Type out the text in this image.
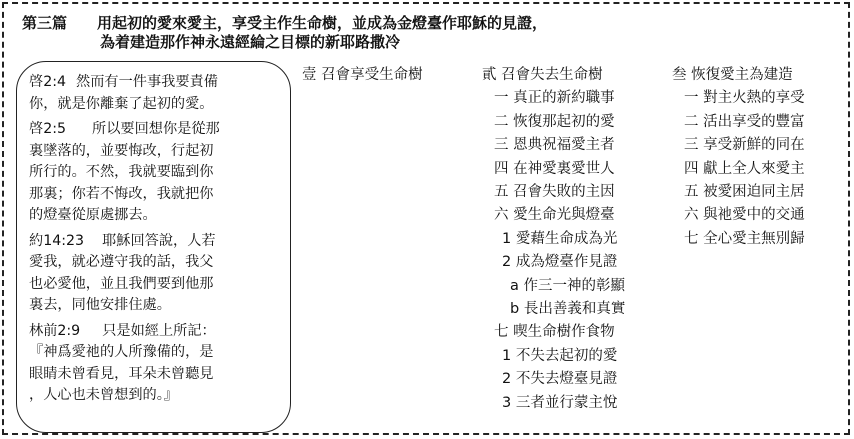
第三篇 用起初的愛來愛主，享受主作生命樹，並成為金燈臺作耶穌的見證，
為着建造那作神永遠經綸之目標的新耶路撒冷
啓2:4 然而有一件事我要責備
你，就是你離棄了起初的愛。
啓2:5 所以要回想你是從那
裏墜落的，並要悔改，行起初
所行的。不然，我就要臨到你
那裏；你若不悔改，我就把你
的燈臺從原處挪去。
約14:23 耶穌回答說，人若
愛我，就必遵守我的話，我父
也必愛他，並且我們要到他那
裏去，同他安排住處。
林前2:9 只是如經上所記：
『神爲愛祂的人所豫備的，是
眼睛未曾看見，耳朵未曾聽見
，人心也未曾想到的。』
壹 召會享受生命樹	貳 召會失去生命樹
一 真正的新約職事
二 恢復那起初的愛
三 恩典祝福愛主者
四 在神愛裏愛世人
五 召會失敗的主因
六 愛生命光與燈臺
1 愛藉生命成為光
2 成為燈臺作見證
a 作三一神的彰顯
b 長出善義和真實
七 喫生命樹作食物
1 不失去起初的愛
2 不失去燈臺見證
3 三者並行蒙主悅
叁 恢復愛主為建造
一 對主火熱的享受
二 活出享受的豐富
三 享受新鮮的同在
四 獻上全人來愛主
五 被愛困迫同主居
六 與祂愛中的交通
七 全心愛主無別歸
